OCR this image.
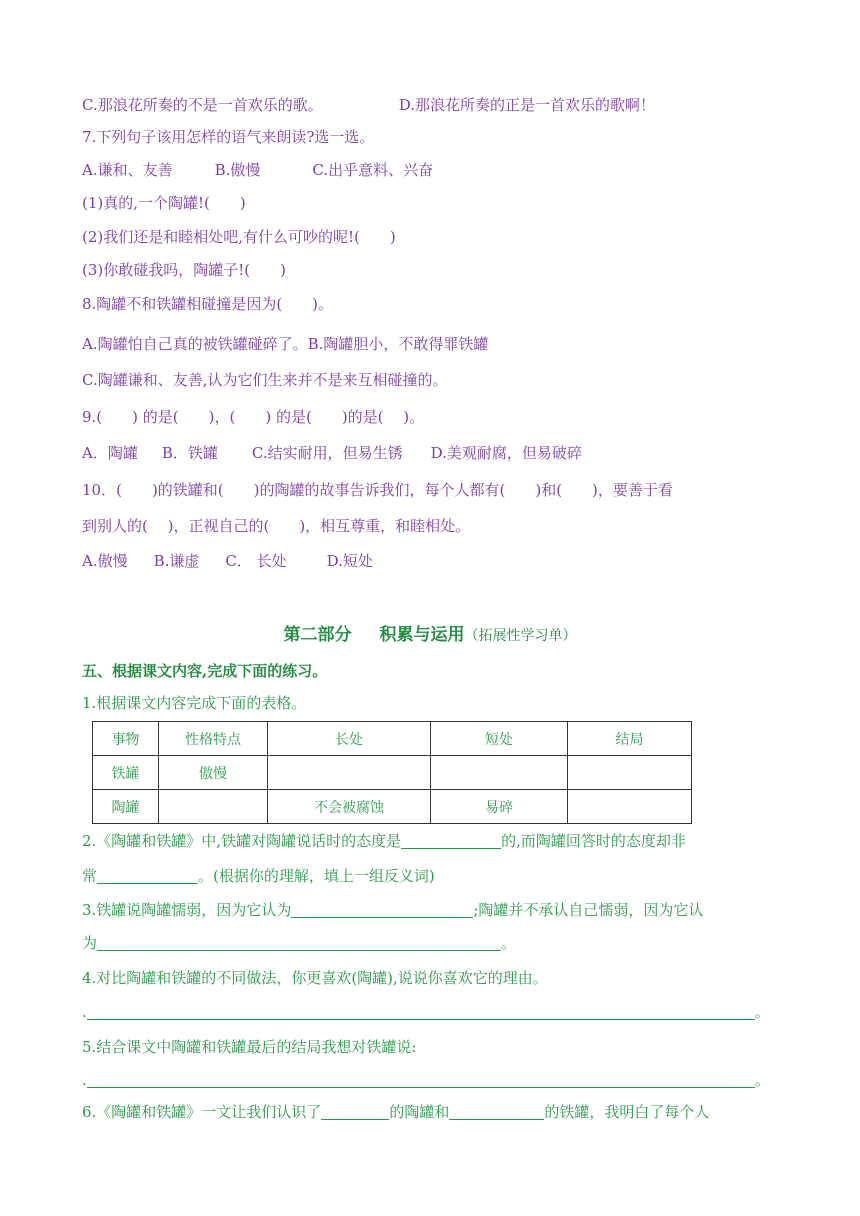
C.那浪花所奏的不是一首欢乐的歌。	D.那浪花所奏的正是一首欢乐的歌啊！
7.下列句子该用怎样的语气来朗读?选一选。
A.谦和、友善	B.傲慢	C.出乎意料、兴奋
(1)真的,一个陶罐!(　　)
(2)我们还是和睦相处吧,有什么可吵的呢!(　　)
(3)你敢碰我吗，陶罐子!(　　)
8.陶罐不和铁罐相碰撞是因为(　　)。
A.陶罐怕自己真的被铁罐碰碎了。B.陶罐胆小，不敢得罪铁罐
C.陶罐谦和、友善,认为它们生来并不是来互相碰撞的。
9.(　　) 的是(　　)，(　　) 的是(　　)的是(　 )。
A．陶罐 B．铁罐 C.结实耐用，但易生锈 D.美观耐腐，但易破碎
10．(　　)的铁罐和(　　)的陶罐的故事告诉我们，每个人都有(　　)和(　　)，要善于看
到别人的(　 )，正视自己的(　　)，相互尊重，和睦相处。
A.傲慢 B.谦虚 C． 长处	D.短处
第二部分 积累与运用（拓展性学习单）
五、根据课文内容,完成下面的练习。
1.根据课文内容完成下面的表格。
事物	性格特点	长处	短处	结局
铁罐	傲慢			
陶罐		不会被腐蚀	易碎	
2.《陶罐和铁罐》中,铁罐对陶罐说话时的态度是	的,而陶罐回答时的态度却非
常	。(根据你的理解，填上一组反义词)
3.铁罐说陶罐懦弱，因为它认为	;陶罐并不承认自己懦弱，因为它认
为	。
4.对比陶罐和铁罐的不同做法，你更喜欢(陶罐),说说你喜欢它的理由。
.	。
5.结合课文中陶罐和铁罐最后的结局我想对铁罐说:
.	。
6.《陶罐和铁罐》一文让我们认识了	的陶罐和	的铁罐，我明白了每个人
